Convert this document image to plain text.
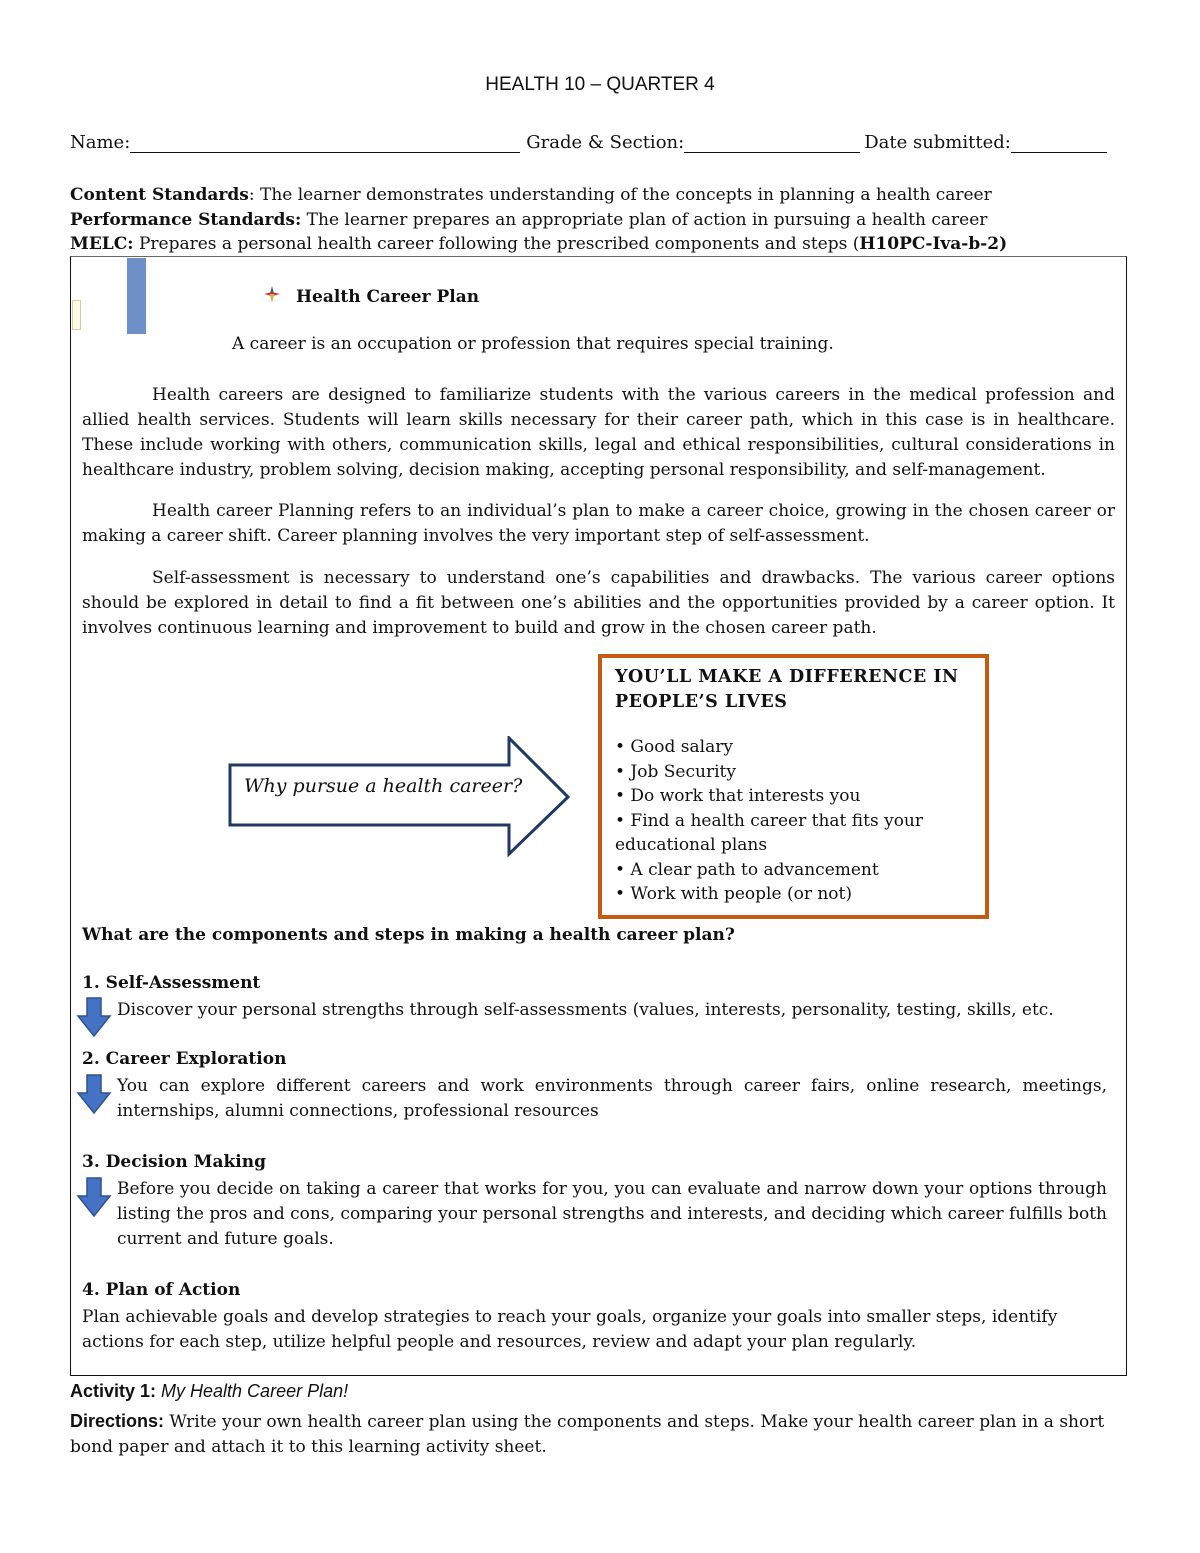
HEALTH 10 – QUARTER 4
Name:	Grade & Section:	Date submitted:
Content Standards: The learner demonstrates understanding of the concepts in planning a health career
Performance Standards: The learner prepares an appropriate plan of action in pursuing a health career
MELC: Prepares a personal health career following the prescribed components and steps (H10PC-Iva-b-2)
Health Career Plan
A career is an occupation or profession that requires special training.
Health careers are designed to familiarize students with the various careers in the medical profession and allied health services. Students will learn skills necessary for their career path, which in this case is in healthcare. These include working with others, communication skills, legal and ethical responsibilities, cultural considerations in healthcare industry, problem solving, decision making, accepting personal responsibility, and self-management.
Health career Planning refers to an individual’s plan to make a career choice, growing in the chosen career or making a career shift. Career planning involves the very important step of self-assessment.
Self-assessment is necessary to understand one’s capabilities and drawbacks. The various career options should be explored in detail to find a fit between one’s abilities and the opportunities provided by a career option. It involves continuous learning and improvement to build and grow in the chosen career path.
Why pursue a health career?
YOU’LL MAKE A DIFFERENCE IN PEOPLE’S LIVES
• Good salary
• Job Security
• Do work that interests you
• Find a health career that fits your educational plans
• A clear path to advancement
• Work with people (or not)
What are the components and steps in making a health career plan?
1. Self-Assessment
Discover your personal strengths through self-assessments (values, interests, personality, testing, skills, etc.
2. Career Exploration
You can explore different careers and work environments through career fairs, online research, meetings, internships, alumni connections, professional resources
3. Decision Making
Before you decide on taking a career that works for you, you can evaluate and narrow down your options through listing the pros and cons, comparing your personal strengths and interests, and deciding which career fulfills both current and future goals.
4. Plan of Action
Plan achievable goals and develop strategies to reach your goals, organize your goals into smaller steps, identify actions for each step, utilize helpful people and resources, review and adapt your plan regularly.
Activity 1: My Health Career Plan!
Directions: Write your own health career plan using the components and steps. Make your health career plan in a short bond paper and attach it to this learning activity sheet.
